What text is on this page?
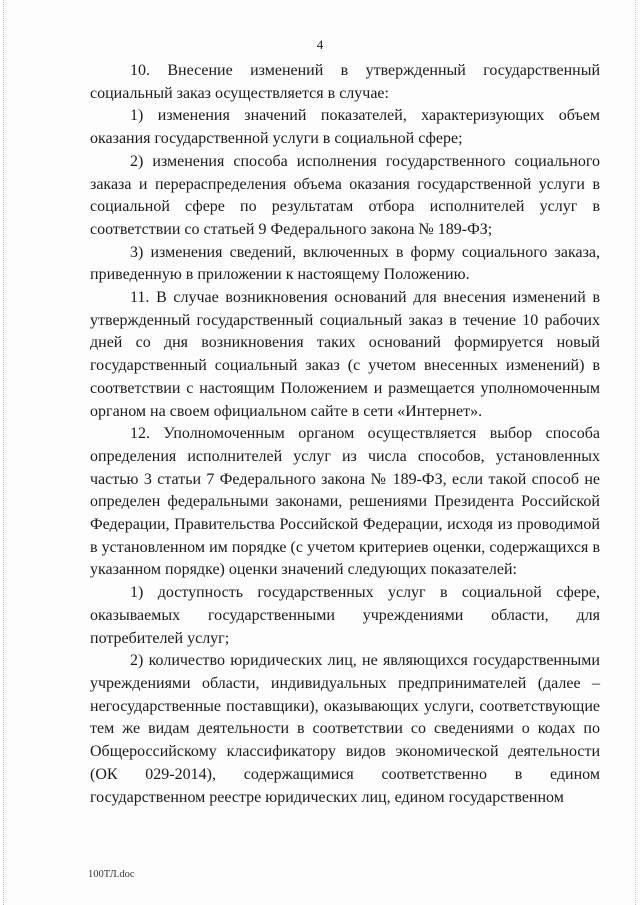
4

10. Внесение изменений в утвержденный государственный социальный заказ осуществляется в случае:

1) изменения значений показателей, характеризующих объем оказания государственной услуги в социальной сфере;

2) изменения способа исполнения государственного социального заказа и перераспределения объема оказания государственной услуги в социальной сфере по результатам отбора исполнителей услуг в соответствии со статьей 9 Федерального закона № 189-ФЗ;

3) изменения сведений, включенных в форму социального заказа, приведенную в приложении к настоящему Положению.

11. В случае возникновения оснований для внесения изменений в утвержденный государственный социальный заказ в течение 10 рабочих дней со дня возникновения таких оснований формируется новый государственный социальный заказ (с учетом внесенных изменений) в соответствии с настоящим Положением и размещается уполномоченным органом на своем официальном сайте в сети «Интернет».

12. Уполномоченным органом осуществляется выбор способа определения исполнителей услуг из числа способов, установленных частью 3 статьи 7 Федерального закона № 189-ФЗ, если такой способ не определен федеральными законами, решениями Президента Российской Федерации, Правительства Российской Федерации, исходя из проводимой в установленном им порядке (с учетом критериев оценки, содержащихся в указанном порядке) оценки значений следующих показателей:

1) доступность государственных услуг в социальной сфере, оказываемых государственными учреждениями области, для потребителей услуг;

2) количество юридических лиц, не являющихся государственными учреждениями области, индивидуальных предпринимателей (далее – негосударственные поставщики), оказывающих услуги, соответствующие тем же видам деятельности в соответствии со сведениями о кодах по Общероссийскому классификатору видов экономической деятельности (ОК 029-2014), содержащимися соответственно в едином государственном реестре юридических лиц, едином государственном

100ТЛ.doc
